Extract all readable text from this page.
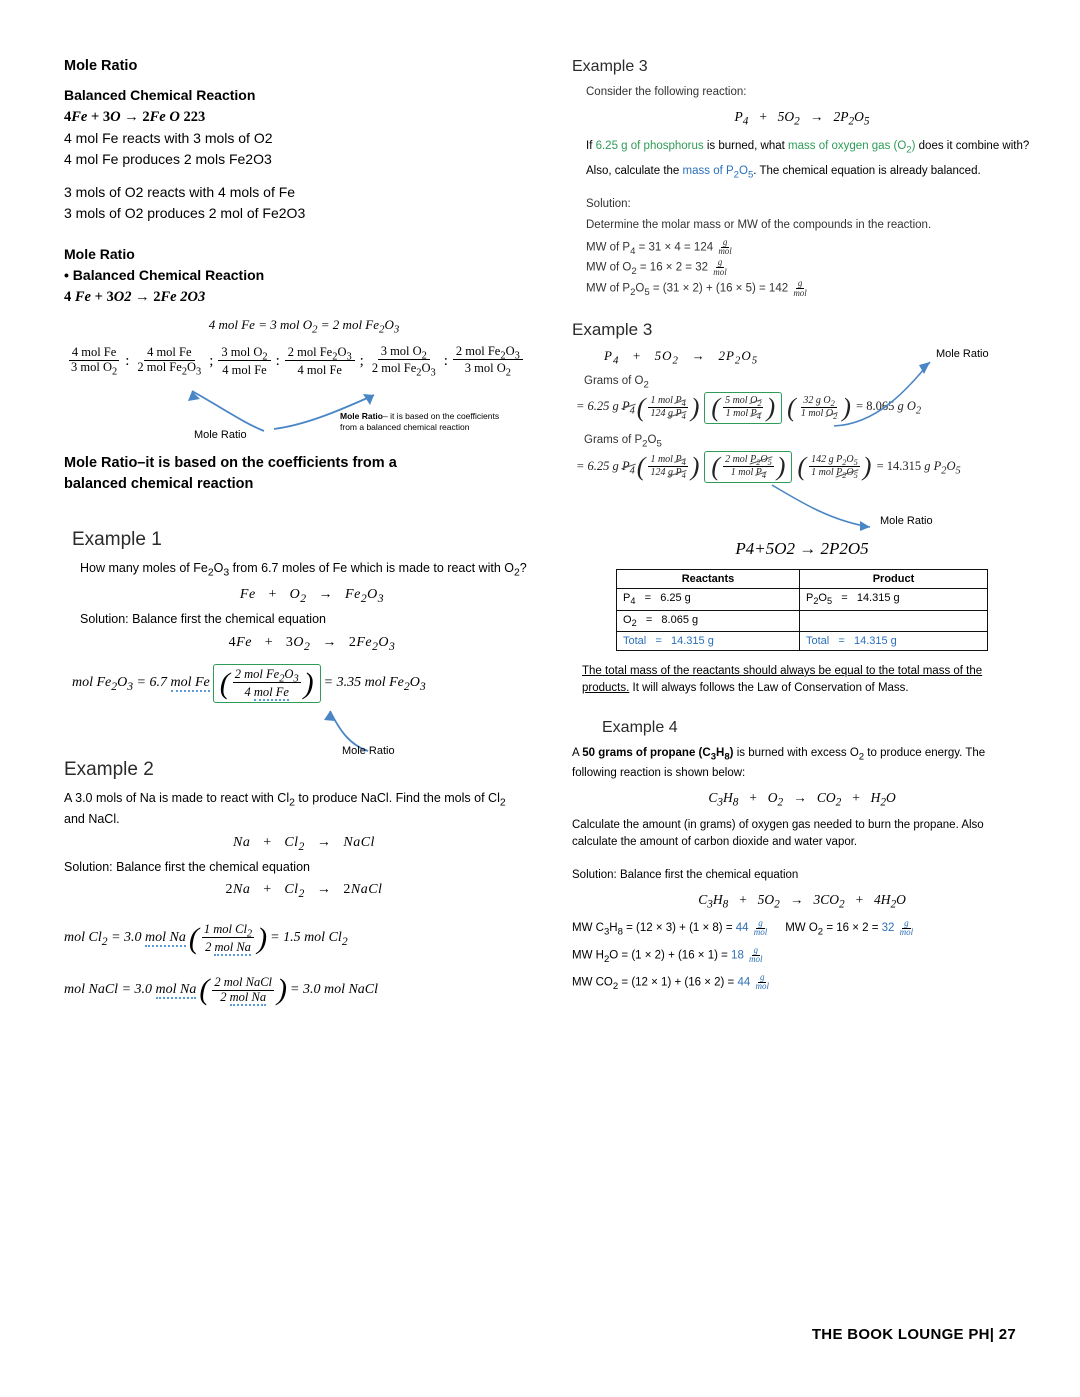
Mole Ratio

Balanced Chemical Reaction

4Fe + 3O → 2Fe O 223

4 mol Fe reacts with 3 mols of O2

4 mol Fe produces 2 mols Fe2O3

3 mols of O2 reacts with 4 mols of Fe

3 mols of O2 produces 2 mol of Fe2O3

Mole Ratio

• Balanced Chemical Reaction

4 Fe + 3O2 → 2Fe 2O3

4 mol Fe = 3 mol $O_2 = 2$ mol $Fe_2O_3$
$\frac{\text{4 mol Fe}}{3 mol O_2}$ : $\frac{\text{4 mol Fe}}{2 mol Fe_2O_3}$ ; $\frac{3 mol O_2}{\text{4 mol Fe}}$ : $\frac{2 mol Fe_2O_3}{\text{4 mol Fe}}$ ; $\frac{3 mol O_2}{2 mol Fe_2O_3}$ : $\frac{2 mol Fe_2O_3}{3 mol O_2}$
Mole Ratio
Mole Ratio– it is based on the coefficients from a balanced chemical reaction

Mole Ratio–it is based on the coefficients from a balanced chemical reaction

Example 1

How many moles of $Fe_2O_3$ from 6.7 moles of Fe which is made to react with $O_2$?

$Fe + O_2 \to Fe_2O_3$

Solution: Balance first the chemical equation

$4Fe + 3O_2 \to 2Fe_2O_3$
mol $Fe_2O_3 = 6.7$ mol Fe ( $\frac{2 mol Fe_2O_3}{\text{4 mol Fe}}$ ) = 3.35 mol $Fe_2O_3$
Mole Ratio
Example 2

A 3.0 mols of Na is made to react with $Cl_2$ to produce NaCl. Find the mols of $Cl_2$ and NaCl.

$Na + Cl_2$ →   NaCl

Solution: Balance first the chemical equation

$2Na + Cl_2$ → 2NaCl
mol $Cl_2 = 3.0$ mol Na ( $\frac{1 mol Cl_2}{\text{2 mol Na}}$ ) = 1.5 mol $Cl_2$
mol NaCl = 3.0 mol Na ( $\frac{\text{2 mol NaCl}}{\text{2 mol Na}}$ ) = 3.0 mol NaCl
Example 3

Consider the following reaction:

$P_4 + 5O_2 \to 2P_2O_5$

If 6.25 g of phosphorus is burned, what mass of oxygen gas $(O_2)$ does it combine with? Also, calculate the mass of $P_2O_5$. The chemical equation is already balanced.

Solution:

Determine the molar mass or MW of the compounds in the reaction.

MW of $P_4 = 31 \times 4 = 124 \frac{g}{\text{mol}}$
MW of $O_2 = 16 \times 2 = 32 \frac{g}{\text{mol}}$
MW of $P_2O_5 = (31 \times 2) + (16 \times 5) = 142 \frac{g}{\text{mol}}$
Example 3
$P_4 + 5O_2 \to 2P_2O_5$
Mole Ratio
Grams of $O_2$
= 6.25 g $P_4$ ( $\frac{1 mol P_4}{124 g P_4}$ ) ( $\frac{5 mol O_2}{1 mol P_4}$ ) ( $\frac{32 g O_2}{1 mol O_2}$ ) = 8.065 g $O_2$
Grams of $P_2O_5$
= 6.25 g $P_4$ ( $\frac{1 mol P_4}{124 g P_4}$ ) ( $\frac{2 mol P_2O_5}{1 mol P_4}$ ) ( $\frac{142 g P_2O_5}{1 mol P_2O_5}$ ) = 14.315 g $P_2O_5$
Mole Ratio
P4+5O2 → 2P2O5
Reactants	Product
$P_4 = 6.25$ g	$P_2O_5 = 14.315$ g
$O_2 = 8.065$ g	
Total   =   14.315 g	Total   =   14.315 g

The total mass of the reactants should always be equal to the total mass of the products. It will always follows the Law of Conservation of Mass.

Example 4

A 50 grams of propane $(C_3H_8)$ is burned with excess $O_2$ to produce energy. The following reaction is shown below:

$C_3H_8 + O_2 \to CO_2 + H_2O$

Calculate the amount (in grams) of oxygen gas needed to burn the propane. Also calculate the amount of carbon dioxide and water vapor.

Solution: Balance first the chemical equation

$C_3H_8 + 5O_2 \to 3CO_2 + 4H_2O$
MW $C_3H_8 = (12 \times 3) + (1 \times 8) = 44 \frac{g}{\text{mol}}$ MW $O_2 = 16 \times 2 = 32 \frac{g}{\text{mol}}$
MW $H_2O = (1 \times 2) + (16 \times 1) = 18 \frac{g}{\text{mol}}$
MW $CO_2 = (12 \times 1) + (16 \times 2) = 44 \frac{g}{\text{mol}}$
THE BOOK LOUNGE PH| 27
